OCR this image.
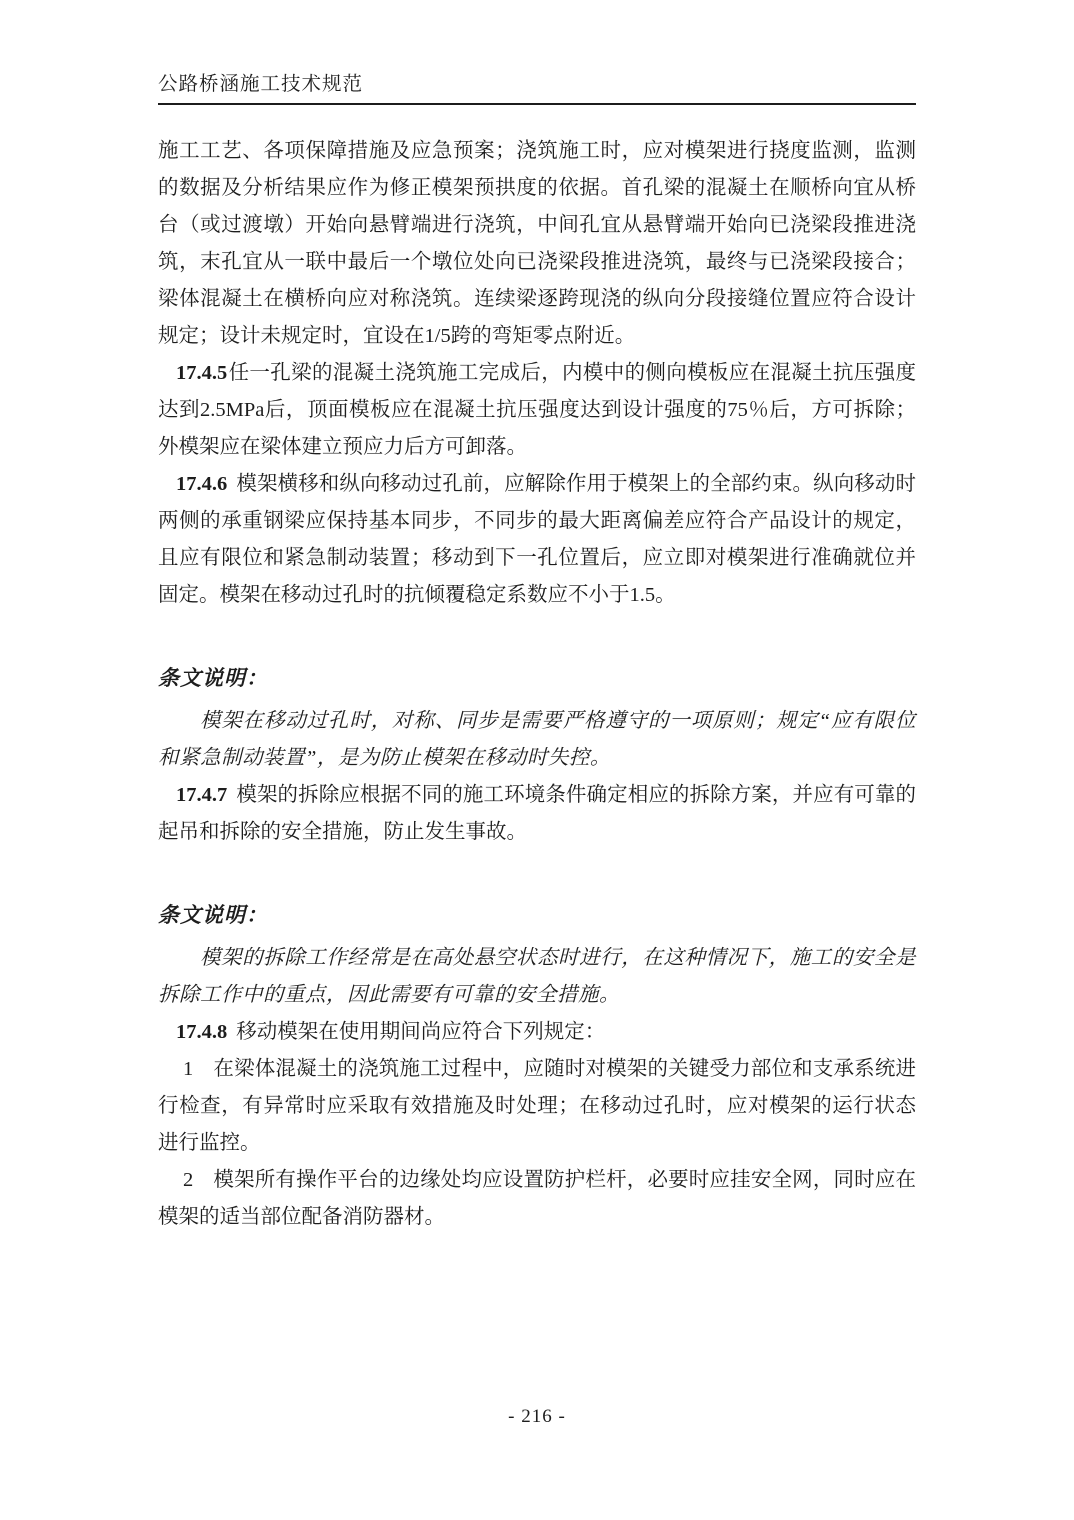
公路桥涵施工技术规范

施工工艺、各项保障措施及应急预案；浇筑施工时，应对模架进行挠度监测，监测的数据及分析结果应作为修正模架预拱度的依据。首孔梁的混凝土在顺桥向宜从桥台（或过渡墩）开始向悬臂端进行浇筑，中间孔宜从悬臂端开始向已浇梁段推进浇筑，末孔宜从一联中最后一个墩位处向已浇梁段推进浇筑，最终与已浇梁段接合；梁体混凝土在横桥向应对称浇筑。连续梁逐跨现浇的纵向分段接缝位置应符合设计规定；设计未规定时，宜设在1/5跨的弯矩零点附近。

17.4.5任一孔梁的混凝土浇筑施工完成后，内模中的侧向模板应在混凝土抗压强度达到2.5MPa后，顶面模板应在混凝土抗压强度达到设计强度的75％后，方可拆除；外模架应在梁体建立预应力后方可卸落。

17.4.6 模架横移和纵向移动过孔前，应解除作用于模架上的全部约束。纵向移动时两侧的承重钢梁应保持基本同步，不同步的最大距离偏差应符合产品设计的规定，且应有限位和紧急制动装置；移动到下一孔位置后，应立即对模架进行准确就位并固定。模架在移动过孔时的抗倾覆稳定系数应不小于1.5。

条文说明：

模架在移动过孔时，对称、同步是需要严格遵守的一项原则；规定“应有限位和紧急制动装置”，是为防止模架在移动时失控。

17.4.7 模架的拆除应根据不同的施工环境条件确定相应的拆除方案，并应有可靠的起吊和拆除的安全措施，防止发生事故。

条文说明：

模架的拆除工作经常是在高处悬空状态时进行，在这种情况下，施工的安全是拆除工作中的重点，因此需要有可靠的安全措施。

17.4.8 移动模架在使用期间尚应符合下列规定：

1 在梁体混凝土的浇筑施工过程中，应随时对模架的关键受力部位和支承系统进行检查，有异常时应采取有效措施及时处理；在移动过孔时，应对模架的运行状态进行监控。

2 模架所有操作平台的边缘处均应设置防护栏杆，必要时应挂安全网，同时应在模架的适当部位配备消防器材。

- 216 -
